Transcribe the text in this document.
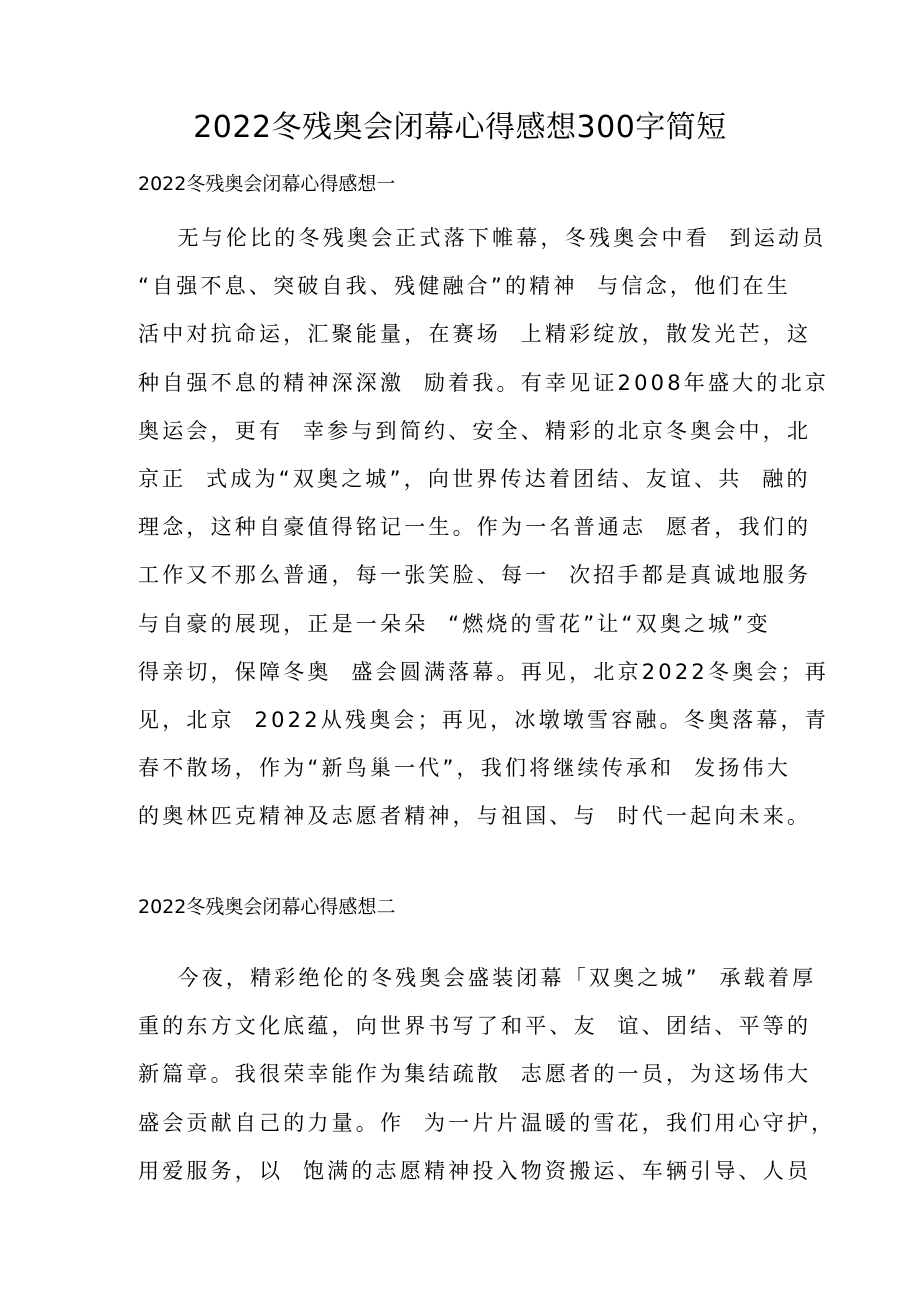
2022冬残奥会闭幕心得感想300字简短
2022冬残奥会闭幕心得感想一
无与伦比的冬残奥会正式落下帷幕，冬残奥会中看  到运动员
“自强不息、突破自我、残健融合”的精神  与信念，他们在生
活中对抗命运，汇聚能量，在赛场  上精彩绽放，散发光芒，这
种自强不息的精神深深激  励着我。有幸见证2008年盛大的北京
奥运会，更有  幸参与到简约、安全、精彩的北京冬奥会中，北
京正  式成为“双奥之城”，向世界传达着团结、友谊、共  融的
理念，这种自豪值得铭记一生。作为一名普通志  愿者，我们的
工作又不那么普通，每一张笑脸、每一  次招手都是真诚地服务
与自豪的展现，正是一朵朵  “燃烧的雪花”让“双奥之城”变
得亲切，保障冬奥  盛会圆满落幕。再见，北京2022冬奥会；再
见，北京  2022从残奥会；再见，冰墩墩雪容融。冬奥落幕，青
春不散场，作为“新鸟巢一代”，我们将继续传承和  发扬伟大
的奥林匹克精神及志愿者精神，与祖国、与  时代一起向未来。
2022冬残奥会闭幕心得感想二
今夜，精彩绝伦的冬残奥会盛装闭幕「双奥之城”  承载着厚
重的东方文化底蕴，向世界书写了和平、友  谊、团结、平等的
新篇章。我很荣幸能作为集结疏散  志愿者的一员，为这场伟大
盛会贡献自己的力量。作  为一片片温暖的雪花，我们用心守护，
用爱服务，以  饱满的志愿精神投入物资搬运、车辆引导、人员
